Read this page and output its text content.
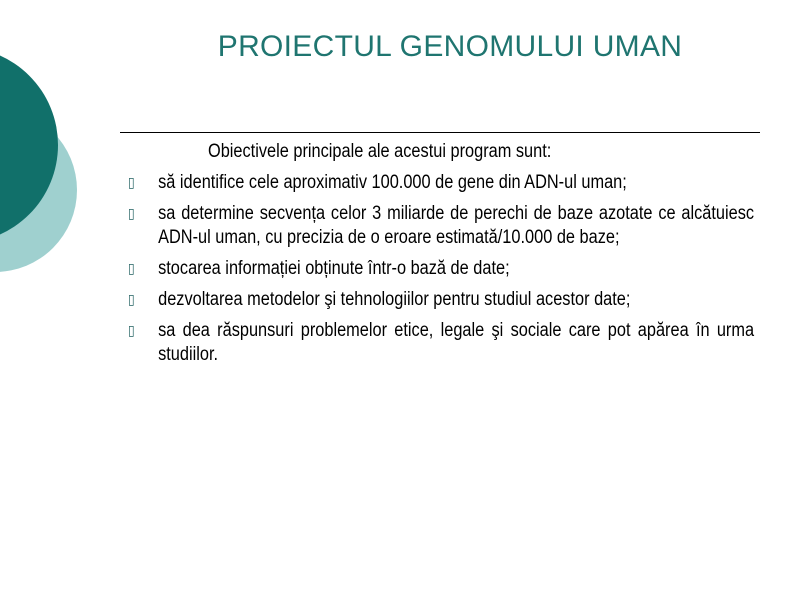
PROIECTUL GENOMULUI UMAN

Obiectivele principale ale acestui program sunt:

▯ să identifice cele aproximativ 100.000 de gene din ADN-ul uman;
▯ sa determine secvența celor 3 miliarde de perechi de baze azotate ce alcătuiesc ADN-ul uman, cu precizia de o eroare estimată/10.000 de baze;
▯ stocarea informației obținute într-o bază de date;
▯ dezvoltarea metodelor şi tehnologiilor pentru studiul acestor date;
▯ sa dea răspunsuri problemelor etice, legale şi sociale care pot apărea în urma studiilor.
